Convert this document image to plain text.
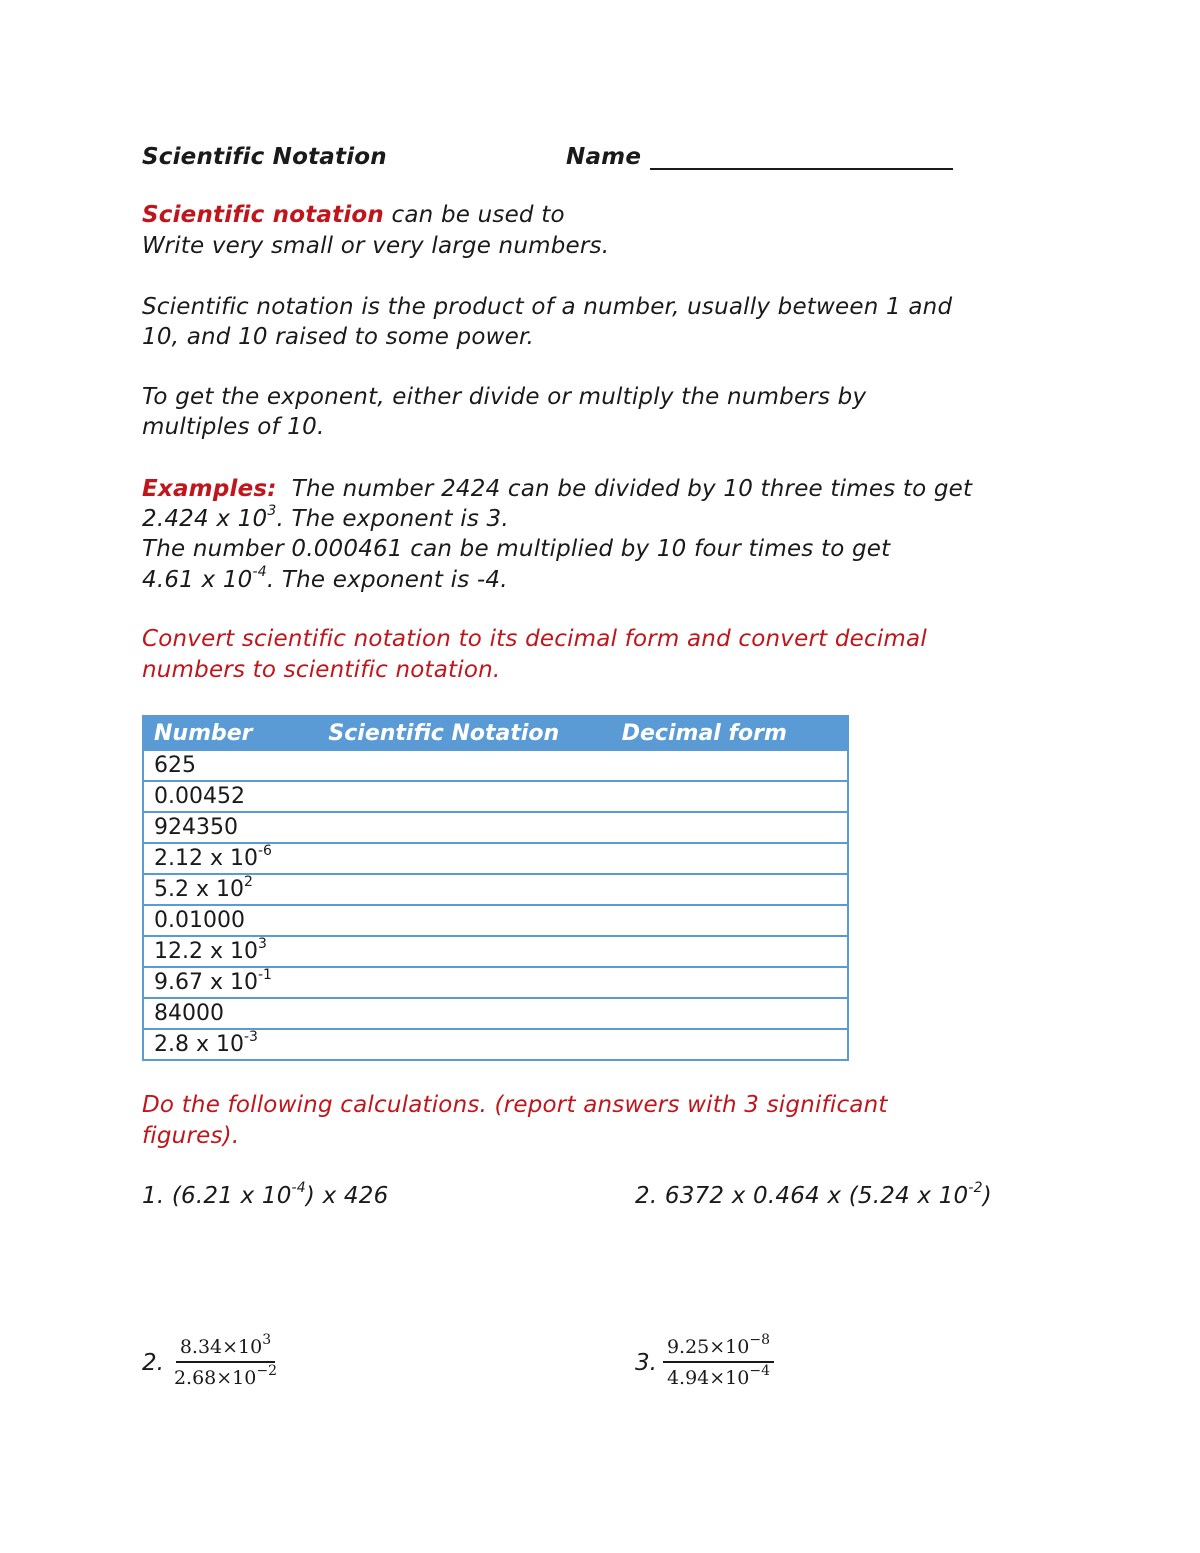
Scientific Notation	Name
Scientific notation can be used to
Write very small or very large numbers.
Scientific notation is the product of a number, usually between 1 and
10, and 10 raised to some power.
To get the exponent, either divide or multiply the numbers by
multiples of 10.
Examples: The number 2424 can be divided by 10 three times to get
2.424 x $10^3$. The exponent is 3.
The number 0.000461 can be multiplied by 10 four times to get
4.61 x $10^{-4}$. The exponent is -4.
Convert scientific notation to its decimal form and convert decimal
numbers to scientific notation.
Number	Scientific Notation	Decimal form
625		
0.00452		
924350		
2.12 x $10^{-6}$		
5.2 x $10^2$		
0.01000		
12.2 x $10^3$		
9.67 x $10^{-1}$		
84000		
2.8 x $10^{-3}$		
Do the following calculations. (report answers with 3 significant
figures).
1. (6.21 x $10^{-4}$) x 426	2. 6372 x 0.464 x (5.24 x $10^{-2}$)
2. $\frac{8.34\times 10^3}{2.68\times 10^{-2}}$	3. $\frac{9.25\times 10^{-8}}{4.94\times 10^{-4}}$
